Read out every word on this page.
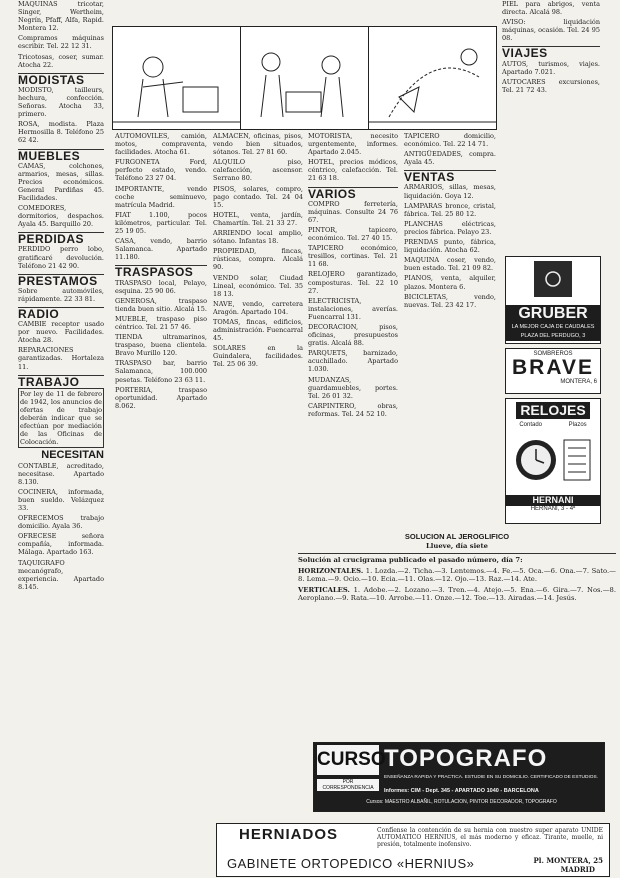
MAQUINAS tricotar, Singer, Wertheim, Negrín, Pfaff, Alfa, Rapid. Montera 12.

Compramos máquinas escribir. Tel. 22 12 31.

Tricotosas, coser, sumar. Atocha 22.

MODISTAS

MODISTO, tailleurs, hechura, confección. Señoras. Atocha 33, primero.

ROSA, modista. Plaza Hermosilla 8. Teléfono 25 62 42.

MUEBLES

CAMAS, colchones, armarios, mesas, sillas. Precios económicos. General Pardiñas 45. Facilidades.

COMEDORES, dormitorios, despachos. Ayala 45. Barquillo 20.

PERDIDAS

PERDIDO perro lobo, gratificaré devolución. Teléfono 21 42 90.

PRESTAMOS

Sobre automóviles, rápidamente. 22 33 81.

RADIO

CAMBIE receptor usado por nuevo. Facilidades. Atocha 28.

REPARACIONES garantizadas. Hortaleza 11.

TRABAJO

Por ley de 11 de febrero de 1942, los anuncios de ofertas de trabajo deberán indicar que se efectúan por mediación de las Oficinas de Colocación.

NECESITAN

CONTABLE, acreditado, necesitase. Apartado 8.130.

COCINERA, informada, buen sueldo. Velázquez 33.

OFRECEMOS trabajo domicilio. Ayala 36.

OFRECESE señora compañía, informada. Málaga. Apartado 163.

TAQUIGRAFO mecanógrafo, experiencia. Apartado 8.145.

AUTOMOVILES, camión, motos, compraventa, facilidades. Atocha 61.

FURGONETA Ford, perfecto estado, vendo. Teléfono 23 27 04.

IMPORTANTE, vendo coche seminuevo, matrícula Madrid.

FIAT 1.100, pocos kilómetros, particular. Tel. 25 19 05.

CASA, vendo, barrio Salamanca. Apartado 11.180.

TRASPASOS

TRASPASO local, Pelayo, esquina. 25 90 06.

GENEROSA, traspaso tienda buen sitio. Alcalá 15.

MUEBLE, traspaso piso céntrico. Tel. 21 57 46.

TIENDA ultramarinos, traspaso, buena clientela. Bravo Murillo 120.

TRASPASO bar, barrio Salamanca, 100.000 pesetas. Teléfono 23 63 11.

PORTERIA, traspaso oportunidad. Apartado 8.062.

ALMACEN, oficinas, pisos, vendo bien situados, sótanos. Tel. 27 81 60.

ALQUILO piso, calefacción, ascensor. Serrano 80.

PISOS, solares, compro, pago contado. Tel. 24 04 15.

HOTEL, venta, jardín, Chamartín. Tel. 21 33 27.

ARRIENDO local amplio, sótano. Infantas 18.

PROPIEDAD, fincas, rústicas, compra. Alcalá 90.

VENDO solar, Ciudad Lineal, económico. Tel. 35 18 13.

NAVE, vendo, carretera Aragón. Apartado 104.

TOMAS, fincas, edificios, administración. Fuencarral 45.

SOLARES en la Guindalera, facilidades. Tel. 25 06 39.

MOTORISTA, necesito urgentemente, informes. Apartado 2.045.

HOTEL, precios módicos, céntrico, calefacción. Tel. 21 63 18.

VARIOS

COMPRO ferretería, máquinas. Consulte 24 76 67.

PINTOR, tapicero, económico. Tel. 27 40 15.

TAPICERO económico, tresillos, cortinas. Tel. 21 11 68.

RELOJERO garantizado, composturas. Tel. 22 10 27.

ELECTRICISTA, instalaciones, averías. Fuencarral 131.

DECORACION, pisos, oficinas, presupuestos gratis. Alcalá 88.

PARQUETS, barnizado, acuchillado. Apartado 1.030.

MUDANZAS, guardamuebles, portes. Tel. 26 01 32.

CARPINTERO, obras, reformas. Tel. 24 52 10.

TAPICERO domicilio, económico. Tel. 22 14 71.

ANTIGÜEDADES, compra. Ayala 45.

VENTAS

ARMARIOS, sillas, mesas, liquidación. Goya 12.

LAMPARAS bronce, cristal, fábrica. Tel. 25 80 12.

PLANCHAS eléctricas, precios fábrica. Pelayo 23.

PRENDAS punto, fábrica, liquidación. Atocha 62.

MAQUINA coser, vendo, buen estado. Tel. 21 09 82.

PIANOS, venta, alquiler, plazos. Montera 6.

BICICLETAS, vendo, nuevas. Tel. 23 42 17.

PIEL para abrigos, venta directa. Alcalá 98.

AVISO: liquidación máquinas, ocasión. Tel. 24 95 08.

VIAJES

AUTOS, turismos, viajes. Apartado 7.021.

AUTOCARES excursiones, Tel. 21 72 43.

GRUBER
LA MEJOR CAJA DE CAUDALES
PLAZA DEL PERDUGO, 3
SOMBREROS
BRAVE
MONTERA, 6
RELOJES
Contado	Plazos
HERNANI
HERNANI, 3 - 4ª
SOLUCION AL JEROGLIFICO
Llueve, día siete

Solución al crucigrama publicado el pasado número, día 7:

HORIZONTALES. 1. Lozda.—2. Ticha.—3. Lentemos.—4. Fe.—5. Oca.—6. Ona.—7. Sato.—8. Lema.—9. Ocio.—10. Ecia.—11. Olas.—12. Ojo.—13. Raz.—14. Ate.

VERTICALES. 1. Adobe.—2. Lozano.—3. Tren.—4. Atejo.—5. Ena.—6. Gira.—7. Nos.—8. Aeroplano.—9. Rata.—10. Arrobe.—11. Onze.—12. Toe.—13. Airadas.—14. Jesús.

CURSO
TOPOGRAFO
POR CORRESPONDENCIA
ENSEÑANZA RAPIDA Y PRACTICA. ESTUDIE EN SU DOMICILIO. CERTIFICADO DE ESTUDIOS.
Informes: CIM - Dept. 345 - APARTADO 1040 - BARCELONA
Cursos: MAESTRO ALBAÑIL, ROTULACION, PINTOR DECORADOR, TOPOGRAFO
HERNIADOS	Confíense la contención de su hernia con nuestro super aparato UNIDE AUTOMATICO HERNIUS, el más moderno y eficaz. Tirante, muelle, ni presión, totalmente inofensivo.
GABINETE ORTOPEDICO «HERNIUS»	Pl. MONTERA, 25
MADRID
